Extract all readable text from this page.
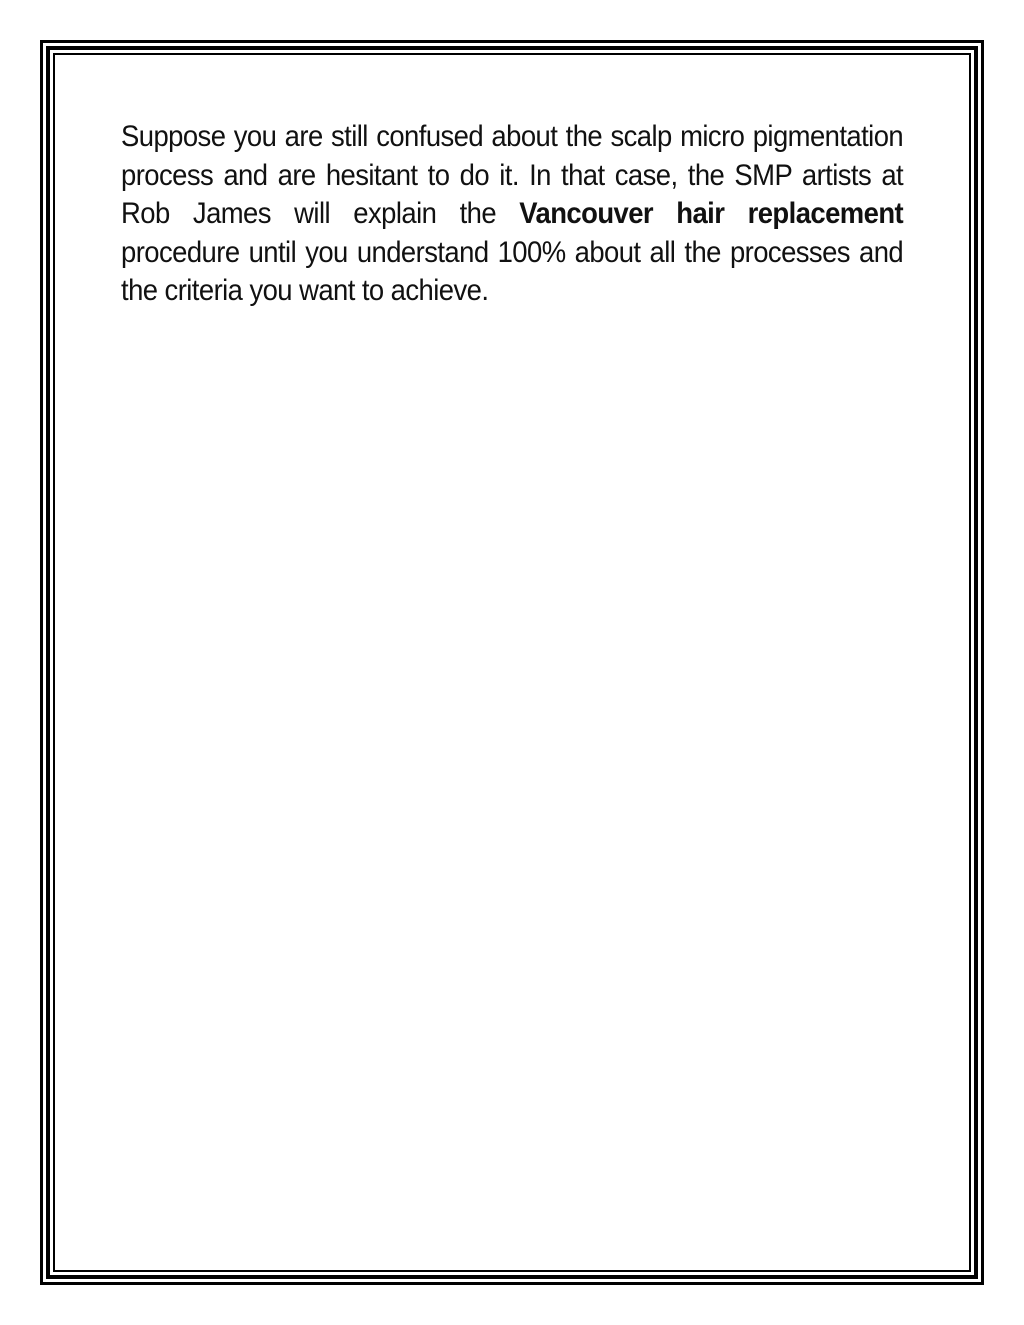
Suppose you are still confused about the scalp micro pigmentation process and are hesitant to do it. In that case, the SMP artists at Rob James will explain the Vancouver hair replacement procedure until you understand 100% about all the processes and the criteria you want to achieve.
